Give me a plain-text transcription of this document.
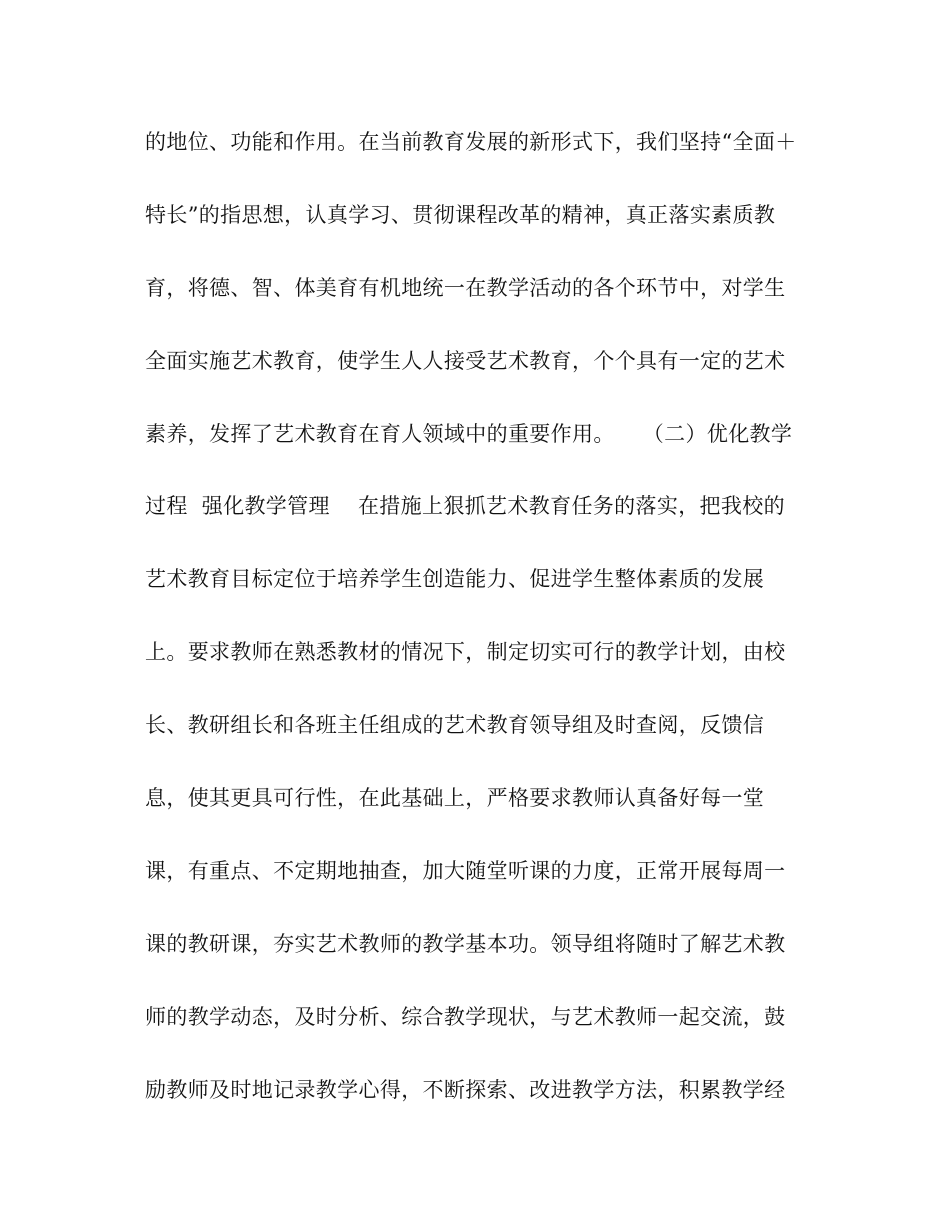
的地位、功能和作用。在当前教育发展的新形式下，我们坚持“全面＋
特长”的指思想，认真学习、贯彻课程改革的精神，真正落实素质教
育，将德、智、体美育有机地统一在教学活动的各个环节中，对学生
全面实施艺术教育，使学生人人接受艺术教育，个个具有一定的艺术
素养，发挥了艺术教育在育人领域中的重要作用。    （二）优化教学
过程  强化教学管理    在措施上狠抓艺术教育任务的落实，把我校的
艺术教育目标定位于培养学生创造能力、促进学生整体素质的发展
上。要求教师在熟悉教材的情况下，制定切实可行的教学计划，由校
长、教研组长和各班主任组成的艺术教育领导组及时查阅，反馈信
息，使其更具可行性，在此基础上，严格要求教师认真备好每一堂
课，有重点、不定期地抽查，加大随堂听课的力度，正常开展每周一
课的教研课，夯实艺术教师的教学基本功。领导组将随时了解艺术教
师的教学动态，及时分析、综合教学现状，与艺术教师一起交流，鼓
励教师及时地记录教学心得，不断探索、改进教学方法，积累教学经
